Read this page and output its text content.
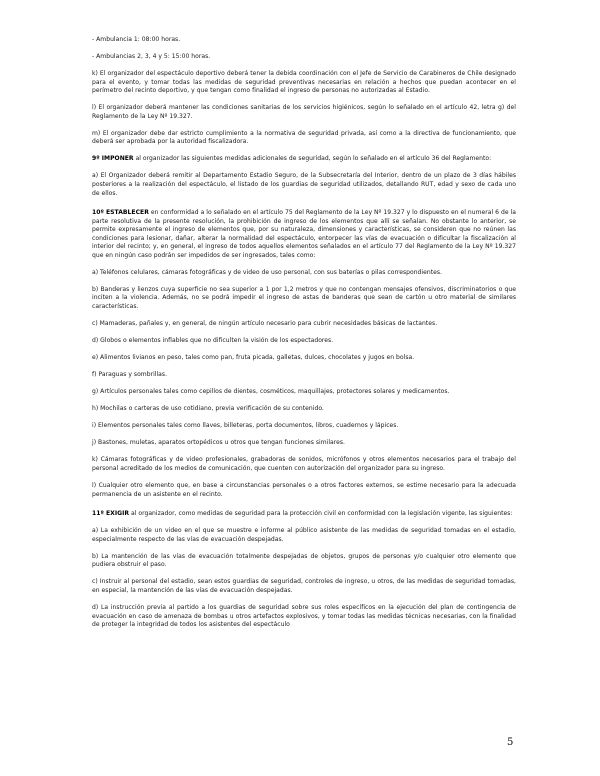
- Ambulancia 1: 08:00 horas.

- Ambulancias 2, 3, 4 y 5: 15:00 horas.

k) El organizador del espectáculo deportivo deberá tener la debida coordinación con el Jefe de Servicio de Carabineros de Chile designado para el evento, y tomar todas las medidas de seguridad preventivas necesarias en relación a hechos que puedan acontecer en el perímetro del recinto deportivo, y que tengan como finalidad el ingreso de personas no autorizadas al Estadio.

l) El organizador deberá mantener las condiciones sanitarias de los servicios higiénicos, según lo señalado en el artículo 42, letra g) del Reglamento de la Ley Nº 19.327.

m) El organizador debe dar estricto cumplimiento a la normativa de seguridad privada, así como a la directiva de funcionamiento, que deberá ser aprobada por la autoridad fiscalizadora.

9º IMPONER al organizador las siguientes medidas adicionales de seguridad, según lo señalado en el artículo 36 del Reglamento:

a) El Organizador deberá remitir al Departamento Estadio Seguro, de la Subsecretaría del Interior, dentro de un plazo de 3 días hábiles posteriores a la realización del espectáculo, el listado de los guardias de seguridad utilizados, detallando RUT, edad y sexo de cada uno de ellos.

10º ESTABLECER en conformidad a lo señalado en el artículo 75 del Reglamento de la Ley Nº 19.327 y lo dispuesto en el numeral 6 de la parte resolutiva de la presente resolución, la prohibición de ingreso de los elementos que allí se señalan. No obstante lo anterior, se permite expresamente el ingreso de elementos que, por su naturaleza, dimensiones y características, se consideren que no reúnen las condiciones para lesionar, dañar, alterar la normalidad del espectáculo, entorpecer las vías de evacuación o dificultar la fiscalización al interior del recinto; y, en general, el ingreso de todos aquellos elementos señalados en el artículo 77 del Reglamento de la Ley Nº 19.327 que en ningún caso podrán ser impedidos de ser ingresados, tales como:

a) Teléfonos celulares, cámaras fotográficas y de video de uso personal, con sus baterías o pilas correspondientes.

b) Banderas y lienzos cuya superficie no sea superior a 1 por 1,2 metros y que no contengan mensajes ofensivos, discriminatorios o que inciten a la violencia. Además, no se podrá impedir el ingreso de astas de banderas que sean de cartón u otro material de similares características.

c) Mamaderas, pañales y, en general, de ningún artículo necesario para cubrir necesidades básicas de lactantes.

d) Globos o elementos inflables que no dificulten la visión de los espectadores.

e) Alimentos livianos en peso, tales como pan, fruta picada, galletas, dulces, chocolates y jugos en bolsa.

f) Paraguas y sombrillas.

g) Artículos personales tales como cepillos de dientes, cosméticos, maquillajes, protectores solares y medicamentos.

h) Mochilas o carteras de uso cotidiano, previa verificación de su contenido.

i) Elementos personales tales como llaves, billeteras, porta documentos, libros, cuadernos y lápices.

j) Bastones, muletas, aparatos ortopédicos u otros que tengan funciones similares.

k) Cámaras fotográficas y de video profesionales, grabadoras de sonidos, micrófonos y otros elementos necesarios para el trabajo del personal acreditado de los medios de comunicación, que cuenten con autorización del organizador para su ingreso.

l) Cualquier otro elemento que, en base a circunstancias personales o a otros factores externos, se estime necesario para la adecuada permanencia de un asistente en el recinto.

11º EXIGIR al organizador, como medidas de seguridad para la protección civil en conformidad con la legislación vigente, las siguientes:

a) La exhibición de un video en el que se muestre e informe al público asistente de las medidas de seguridad tomadas en el estadio, especialmente respecto de las vías de evacuación despejadas.

b) La mantención de las vías de evacuación totalmente despejadas de objetos, grupos de personas y/o cualquier otro elemento que pudiera obstruir el paso.

c) Instruir al personal del estadio, sean estos guardias de seguridad, controles de ingreso, u otros, de las medidas de seguridad tomadas, en especial, la mantención de las vías de evacuación despejadas.

d) La instrucción previa al partido a los guardias de seguridad sobre sus roles específicos en la ejecución del plan de contingencia de evacuación en caso de amenaza de bombas u otros artefactos explosivos, y tomar todas las medidas técnicas necesarias, con la finalidad de proteger la integridad de todos los asistentes del espectáculo

5
